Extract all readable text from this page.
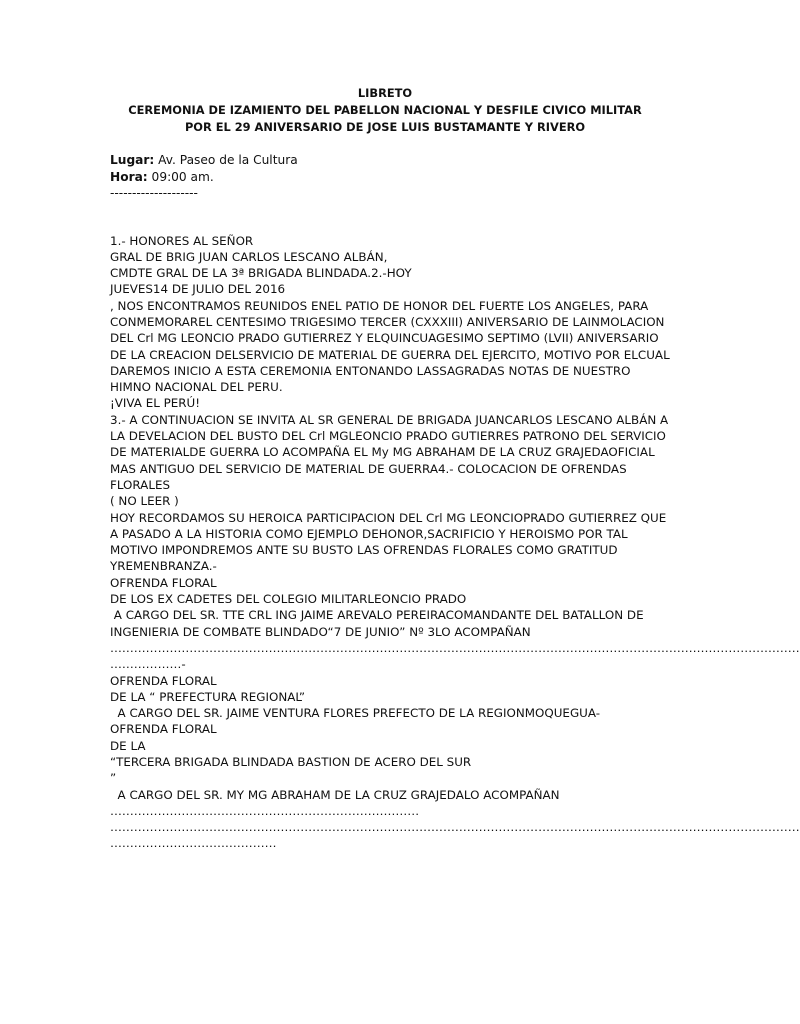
LIBRETO
CEREMONIA DE IZAMIENTO DEL PABELLON NACIONAL Y DESFILE CIVICO MILITAR
POR EL 29 ANIVERSARIO DE JOSE LUIS BUSTAMANTE Y RIVERO
Lugar: Av. Paseo de la Cultura
Hora: 09:00 am.
--------------------
1.- HONORES AL SEÑOR
GRAL DE BRIG JUAN CARLOS LESCANO ALBÁN,
CMDTE GRAL DE LA 3ª BRIGADA BLINDADA.2.-HOY
JUEVES14 DE JULIO DEL 2016
, NOS ENCONTRAMOS REUNIDOS ENEL PATIO DE HONOR DEL FUERTE LOS ANGELES, PARA
CONMEMORAREL CENTESIMO TRIGESIMO TERCER (CXXXIII) ANIVERSARIO DE LAINMOLACION
DEL Crl MG LEONCIO PRADO GUTIERREZ Y ELQUINCUAGESIMO SEPTIMO (LVII) ANIVERSARIO
DE LA CREACION DELSERVICIO DE MATERIAL DE GUERRA DEL EJERCITO, MOTIVO POR ELCUAL
DAREMOS INICIO A ESTA CEREMONIA ENTONANDO LASSAGRADAS NOTAS DE NUESTRO
HIMNO NACIONAL DEL PERU.
¡VIVA EL PERÚ!
3.- A CONTINUACION SE INVITA AL SR GENERAL DE BRIGADA JUANCARLOS LESCANO ALBÁN A
LA DEVELACION DEL BUSTO DEL Crl MGLEONCIO PRADO GUTIERRES PATRONO DEL SERVICIO
DE MATERIALDE GUERRA LO ACOMPAÑA EL My MG ABRAHAM DE LA CRUZ GRAJEDAOFICIAL
MAS ANTIGUO DEL SERVICIO DE MATERIAL DE GUERRA4.- COLOCACION DE OFRENDAS
FLORALES
( NO LEER )
HOY RECORDAMOS SU HEROICA PARTICIPACION DEL Crl MG LEONCIOPRADO GUTIERREZ QUE
A PASADO A LA HISTORIA COMO EJEMPLO DEHONOR,SACRIFICIO Y HEROISMO POR TAL
MOTIVO IMPONDREMOS ANTE SU BUSTO LAS OFRENDAS FLORALES COMO GRATITUD
YREMENBRANZA.-
OFRENDA FLORAL
DE LOS EX CADETES DEL COLEGIO MILITARLEONCIO PRADO
A CARGO DEL SR. TTE CRL ING JAIME AREVALO PEREIRACOMANDANTE DEL BATALLON DE
INGENIERIA DE COMBATE BLINDADO“7 DE JUNIO” Nº 3LO ACOMPAÑAN
…………………………………………………………………………………………………………………………………………………………
………………-
OFRENDA FLORAL
DE LA “ PREFECTURA REGIONAL”
A CARGO DEL SR. JAIME VENTURA FLORES PREFECTO DE LA REGIONMOQUEGUA-
OFRENDA FLORAL
DE LA
“TERCERA BRIGADA BLINDADA BASTION DE ACERO DEL SUR
”
A CARGO DEL SR. MY MG ABRAHAM DE LA CRUZ GRAJEDALO ACOMPAÑAN
……………………………………………………………………
…………………………………………………………………………………………………………………………………………………………
……………………………………
